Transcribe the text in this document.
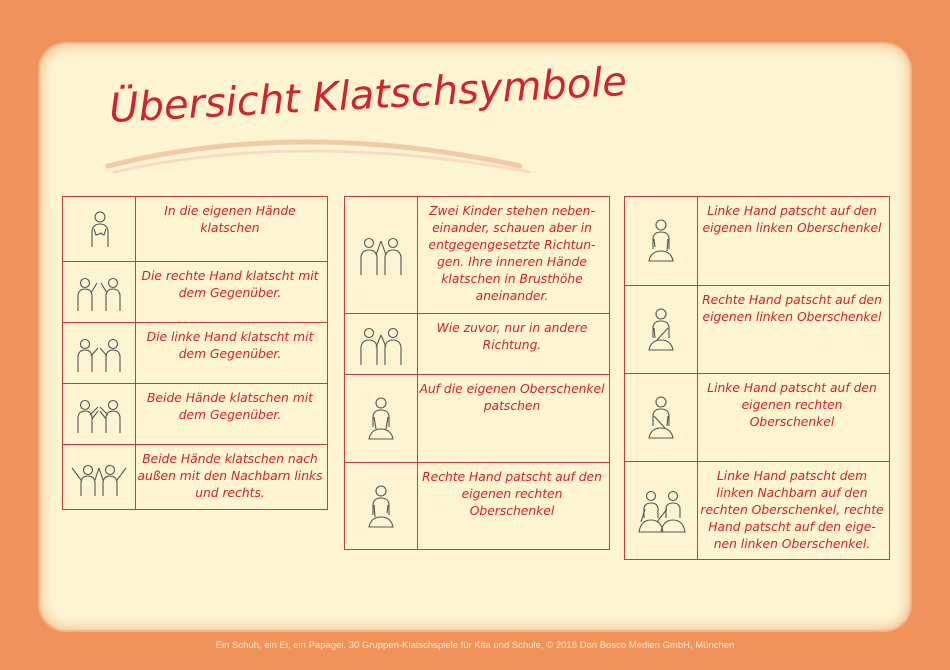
Übersicht Klatschsymbole
In die eigenen Hände klatschen
Die rechte Hand klatscht mit dem Gegenüber.
Die linke Hand klatscht mit dem Gegenüber.
Beide Hände klatschen mit dem Gegenüber.
Beide Hände klatschen nach außen mit den Nachbarn links und rechts.
Zwei Kinder stehen neben-einander, schauen aber in entgegengesetzte Richtun-gen. Ihre inneren Hände klatschen in Brusthöhe aneinander.
Wie zuvor, nur in andere Richtung.
Auf die eigenen Oberschenkel patschen
Rechte Hand patscht auf den eigenen rechten Oberschenkel
Linke Hand patscht auf den eigenen linken Oberschenkel
Rechte Hand patscht auf den eigenen linken Oberschenkel
Linke Hand patscht auf den eigenen rechten Oberschenkel
Linke Hand patscht dem linken Nachbarn auf den rechten Oberschenkel, rechte Hand patscht auf den eige-nen linken Oberschenkel.
Ein Schuh, ein Ei, ein Papagei. 30 Gruppen-Klatschspiele für Kita und Schule, © 2018 Don Bosco Medien GmbH, München
